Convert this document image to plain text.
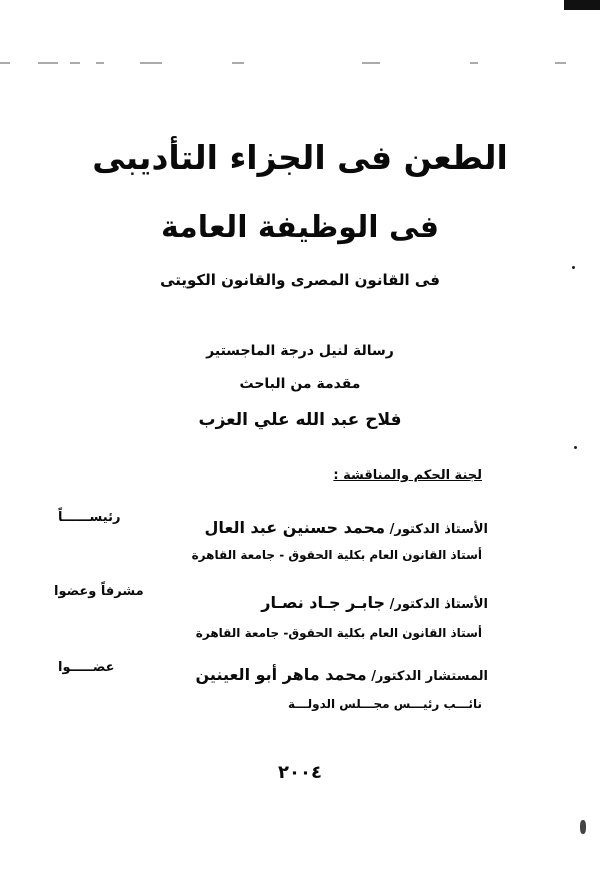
الطعن فى الجزاء التأديبى
فى الوظيفة العامة
فى القانون المصرى والقانون الكويتى
رسالة لنيل درجة الماجستير
مقدمة من الباحث
فلاح عبد الله علي العزب
لجنة الحكم والمناقشة :
الأستاذ الدكتور/ محمد حسنين عبد العال
أستاذ القانون العام بكلية الحقوق - جامعة القاهرة
رئيســــــاً
الأستاذ الدكتور/ جابـر جـاد نصـار
أستاذ القانون العام بكلية الحقوق- جامعة القاهرة
مشرفاً وعضوا
المستشار الدكتور/ محمد ماهر أبو العينين
نائـــب رئيـــس مجـــلس الدولـــة
عضـــــوا
٢٠٠٤
